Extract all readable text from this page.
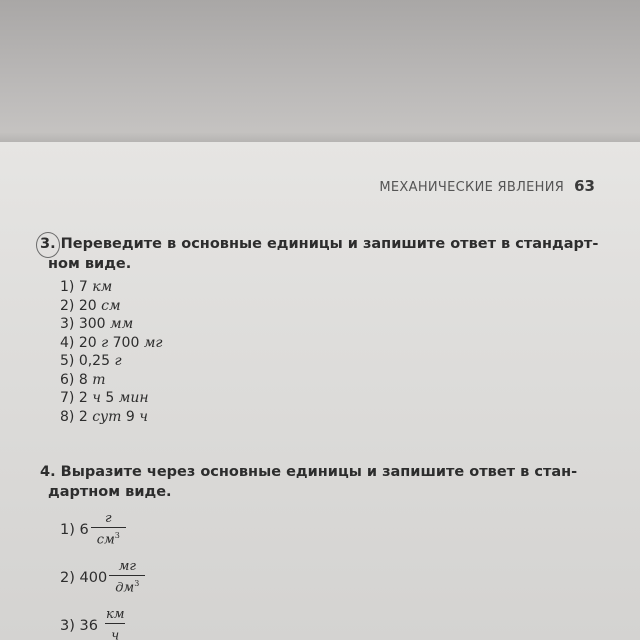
МЕХАНИЧЕСКИЕ ЯВЛЕНИЯ 63

3. Переведите в основные единицы и запишите ответ в стандарт-
ном виде.

1) 7 км
2) 20 см
3) 300 мм
4) 20 г 700 мг
5) 0,25 г
6) 8 т
7) 2 ч 5 мин
8) 2 сут 9 ч

4. Выразите через основные единицы и запишите ответ в стан-
дартном виде.

1)
$6 \frac{г}{см^3}$
2)
$400 \frac{мг}{дм^3}$
3)
$36 \frac{км}{ч}$
